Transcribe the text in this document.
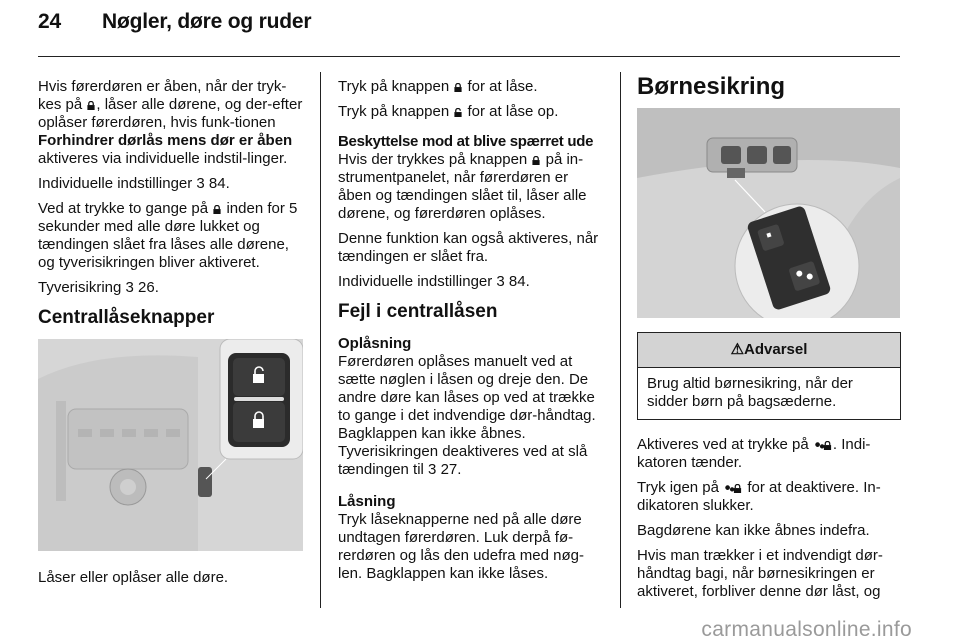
24 Nøgler, døre og ruder

Hvis førerdøren er åben, når der tryk-kes på , låser alle dørene, og der-efter oplåser førerdøren, hvis funk-tionen Forhindrer dørlås mens dør er åben aktiveres via individuelle indstil-linger.

Individuelle indstillinger 3 84.

Ved at trykke to gange på  inden for 5 sekunder med alle døre lukket og tændingen slået fra låses alle dørene, og tyverisikringen bliver aktiveret.

Tyverisikring 3 26.

Centrallåseknapper

Låser eller oplåser alle døre.

Tryk på knappen  for at låse.

Tryk på knappen  for at låse op.

Beskyttelse mod at blive spærret ude

Hvis der trykkes på knappen  på in-strumentpanelet, når førerdøren er åben og tændingen slået til, låser alle dørene, og førerdøren oplåses.

Denne funktion kan også aktiveres, når tændingen er slået fra.

Individuelle indstillinger 3 84.

Fejl i centrallåsen
Oplåsning

Førerdøren oplåses manuelt ved at sætte nøglen i låsen og dreje den. De andre døre kan låses op ved at trække to gange i det indvendige dør-håndtag. Bagklappen kan ikke åbnes. Tyverisikringen deaktiveres ved at slå tændingen til 3 27.

Låsning

Tryk låseknapperne ned på alle døre undtagen førerdøren. Luk derpå fø-rerdøren og lås den udefra med nøg-len. Bagklappen kan ikke låses.

Børnesikring
⚠Advarsel
Brug altid børnesikring, når der sidder børn på bagsæderne.

Aktiveres ved at trykke på . Indi-katoren tænder.

Tryk igen på  for at deaktivere. In-dikatoren slukker.

Bagdørene kan ikke åbnes indefra.

Hvis man trækker i et indvendigt dør-håndtag bagi, når børnesikringen er aktiveret, forbliver denne dør låst, og

carmanualsonline.info
